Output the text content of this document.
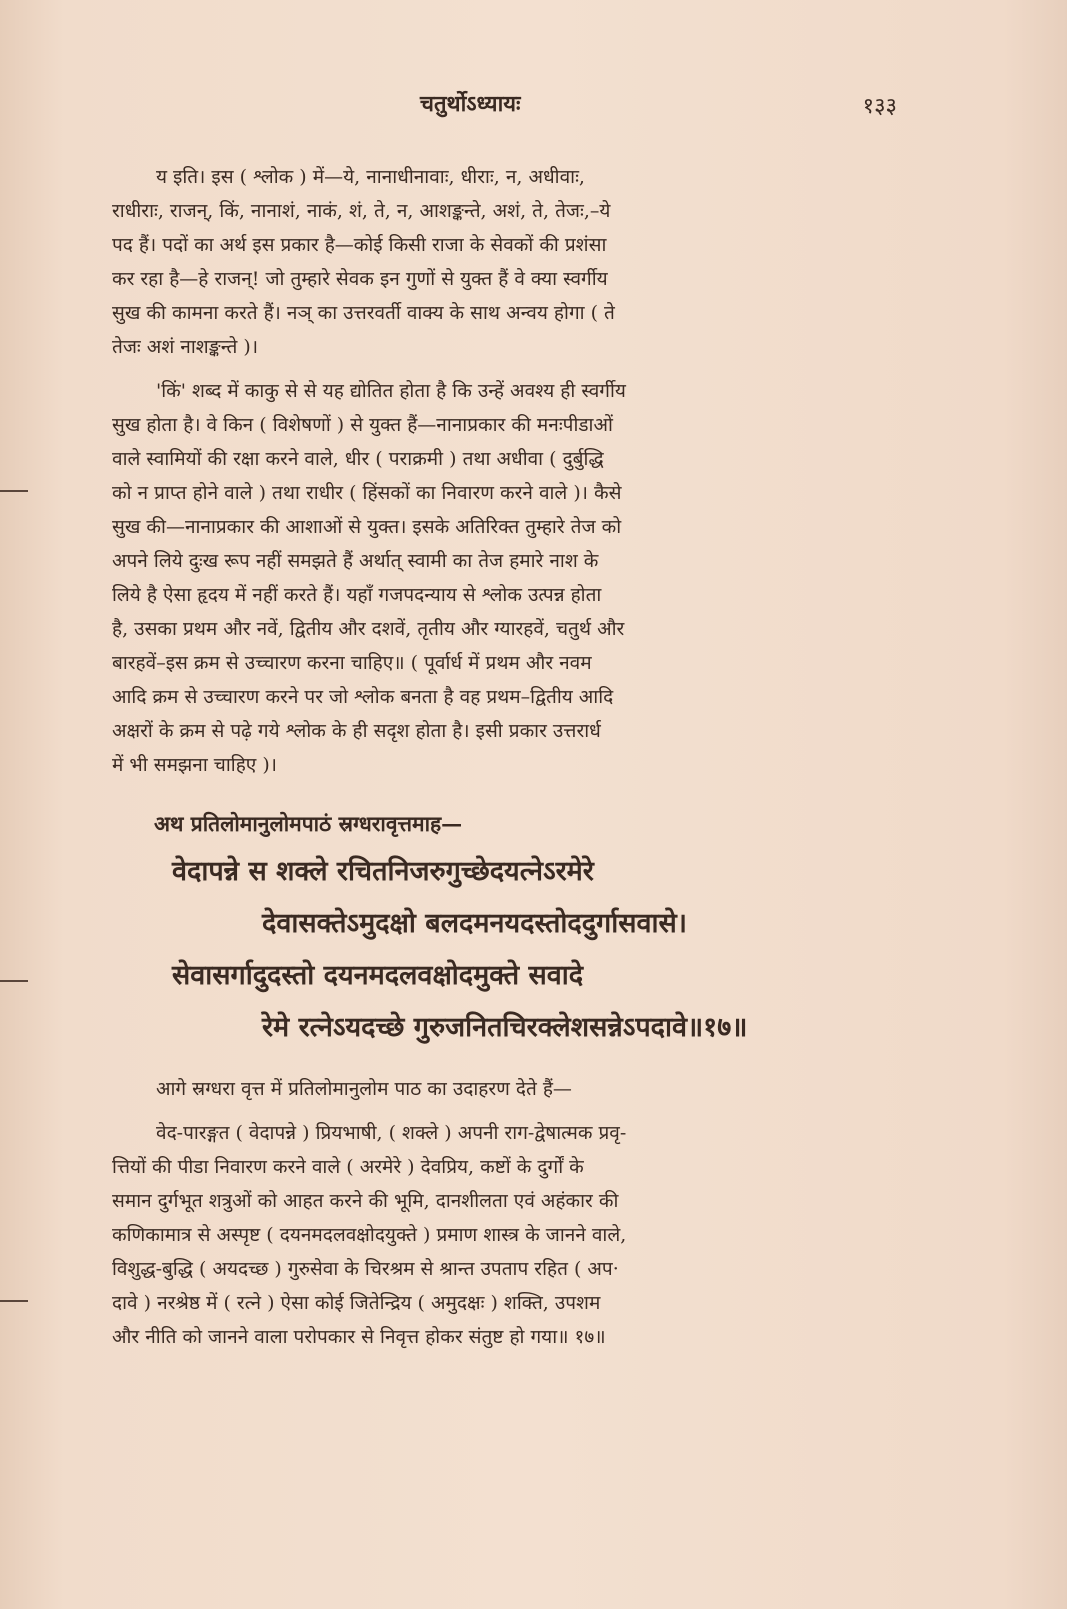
चतुर्थोऽध्यायः	१३३
य इति। इस ( श्लोक ) में—ये, नानाधीनावाः, धीराः, न, अधीवाः,
राधीराः, राजन्, किं, नानाशं, नाकं, शं, ते, न, आशङ्कन्ते, अशं, ते, तेजः,–ये
पद हैं। पदों का अर्थ इस प्रकार है—कोई किसी राजा के सेवकों की प्रशंसा
कर रहा है—हे राजन्! जो तुम्हारे सेवक इन गुणों से युक्त हैं वे क्या स्वर्गीय
सुख की कामना करते हैं। नञ् का उत्तरवर्ती वाक्य के साथ अन्वय होगा ( ते
तेजः अशं नाशङ्कन्ते )।
'किं' शब्द में काकु से से यह द्योतित होता है कि उन्हें अवश्य ही स्वर्गीय
सुख होता है। वे किन ( विशेषणों ) से युक्त हैं—नानाप्रकार की मनःपीडाओं
वाले स्वामियों की रक्षा करने वाले, धीर ( पराक्रमी ) तथा अधीवा ( दुर्बुद्धि
को न प्राप्त होने वाले ) तथा राधीर ( हिंसकों का निवारण करने वाले )। कैसे
सुख की—नानाप्रकार की आशाओं से युक्त। इसके अतिरिक्त तुम्हारे तेज को
अपने लिये दुःख रूप नहीं समझते हैं अर्थात् स्वामी का तेज हमारे नाश के
लिये है ऐसा हृदय में नहीं करते हैं। यहाँ गजपदन्याय से श्लोक उत्पन्न होता
है, उसका प्रथम और नवें, द्वितीय और दशवें, तृतीय और ग्यारहवें, चतुर्थ और
बारहवें–इस क्रम से उच्चारण करना चाहिए॥ ( पूर्वार्ध में प्रथम और नवम
आदि क्रम से उच्चारण करने पर जो श्लोक बनता है वह प्रथम–द्वितीय आदि
अक्षरों के क्रम से पढ़े गये श्लोक के ही सदृश होता है। इसी प्रकार उत्तरार्ध
में भी समझना चाहिए )।
अथ प्रतिलोमानुलोमपाठं स्रग्धरावृत्तमाह—
वेदापन्ने स शक्ले रचितनिजरुगुच्छेदयत्नेऽरमेरे
देवासक्तेऽमुदक्षो बलदमनयदस्तोददुर्गासवासे।
सेवासर्गादुदस्तो दयनमदलवक्षोदमुक्ते सवादे
रेमे रत्नेऽयदच्छे गुरुजनितचिरक्लेशसन्नेऽपदावे॥१७॥
आगे स्रग्धरा वृत्त में प्रतिलोमानुलोम पाठ का उदाहरण देते हैं—
वेद-पारङ्गत ( वेदापन्ने ) प्रियभाषी, ( शक्ले ) अपनी राग-द्वेषात्मक प्रवृ-
त्तियों की पीडा निवारण करने वाले ( अरमेरे ) देवप्रिय, कष्टों के दुर्गों के
समान दुर्गभूत शत्रुओं को आहत करने की भूमि, दानशीलता एवं अहंकार की
कणिकामात्र से अस्पृष्ट ( दयनमदलवक्षोदयुक्ते ) प्रमाण शास्त्र के जानने वाले,
विशुद्ध-बुद्धि ( अयदच्छ ) गुरुसेवा के चिरश्रम से श्रान्त उपताप रहित ( अप·
दावे ) नरश्रेष्ठ में ( रत्ने ) ऐसा कोई जितेन्द्रिय ( अमुदक्षः ) शक्ति, उपशम
और नीति को जानने वाला परोपकार से निवृत्त होकर संतुष्ट हो गया॥ १७॥
